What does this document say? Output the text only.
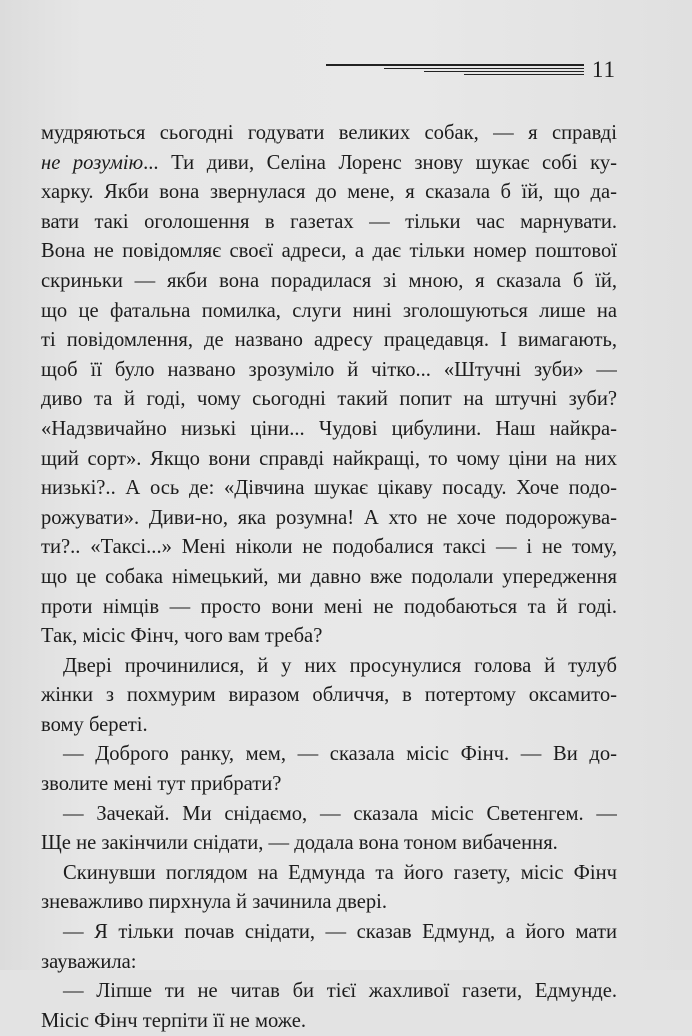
11
мудряються сьогодні годувати великих собак, — я справді
не розумію... Ти диви, Селіна Лоренс знову шукає собі ку-
харку. Якби вона звернулася до мене, я сказала б їй, що да-
вати такі оголошення в газетах — тільки час марнувати.
Вона не повідомляє своєї адреси, а дає тільки номер поштової
скриньки — якби вона порадилася зі мною, я сказала б їй,
що це фатальна помилка, слуги нині зголошуються лише на
ті повідомлення, де названо адресу працедавця. І вимагають,
щоб її було названо зрозуміло й чітко... «Штучні зуби» —
диво та й годі, чому сьогодні такий попит на штучні зуби?
«Надзвичайно низькі ціни... Чудові цибулини. Наш найкра-
щий сорт». Якщо вони справді найкращі, то чому ціни на них
низькі?.. А ось де: «Дівчина шукає цікаву посаду. Хоче подо-
рожувати». Диви-но, яка розумна! А хто не хоче подорожува-
ти?.. «Таксі...» Мені ніколи не подобалися таксі — і не тому,
що це собака німецький, ми давно вже подолали упередження
проти німців — просто вони мені не подобаються та й годі.
Так, місіс Фінч, чого вам треба?
Двері прочинилися, й у них просунулися голова й тулуб
жінки з похмурим виразом обличчя, в потертому оксамито-
вому береті.
— Доброго ранку, мем, — сказала місіс Фінч. — Ви до-
зволите мені тут прибрати?
— Зачекай. Ми снідаємо, — сказала місіс Светенгем. —
Ще не закінчили снідати, — додала вона тоном вибачення.
Скинувши поглядом на Едмунда та його газету, місіс Фінч
зневажливо пирхнула й зачинила двері.
— Я тільки почав снідати, — сказав Едмунд, а його мати
зауважила:
— Ліпше ти не читав би тієї жахливої газети, Едмунде.
Місіс Фінч терпіти її не може.
